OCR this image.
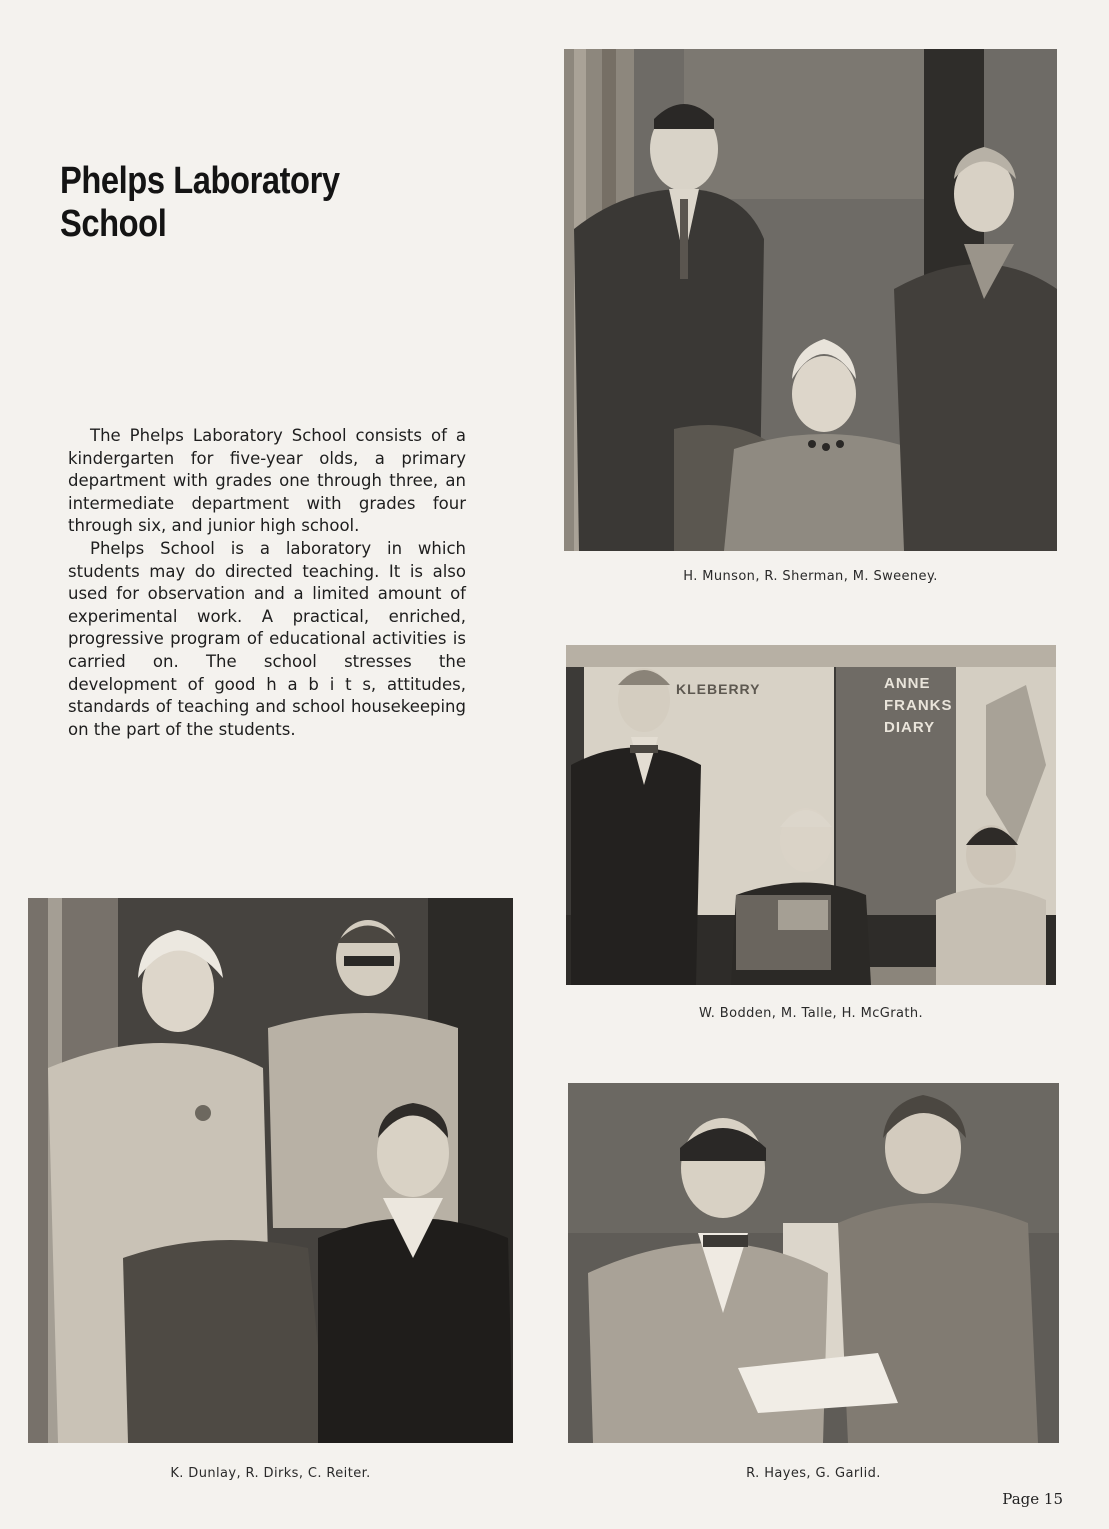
Phelps Laboratory School

The Phelps Laboratory School consists of a kindergarten for five-year olds, a primary department with grades one through three, an intermediate department with grades four through six, and junior high school.

Phelps School is a laboratory in which students may do directed teaching. It is also used for observation and a limited amount of experimental work. A practical, enriched, progressive program of educational activities is carried on. The school stresses the development of good h a b i t s, attitudes, standards of teaching and school housekeeping on the part of the students.

H. Munson, R. Sherman, M. Sweeney.
ANNE
FRANKS
DIARY
KLEBERRY
W. Bodden, M. Talle, H. McGrath.
K. Dunlay, R. Dirks, C. Reiter.	R. Hayes, G. Garlid.
Page 15
